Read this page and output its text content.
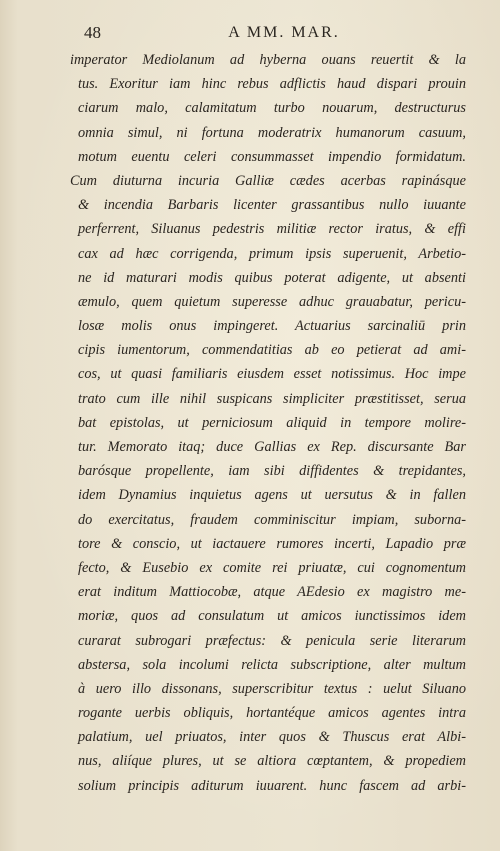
48	A MM. MAR.
imperator Mediolanum ad hyberna ouans reuertit & la
tus. Exoritur iam hinc rebus adflictis haud dispari prouin
ciarum malo, calamitatum turbo nouarum, destructurus
omnia simul, ni fortuna moderatrix humanorum casuum,
motum euentu celeri consummasset impendio formidatum.
Cum diuturna incuria Galliæ cædes acerbas rapinásque
& incendia Barbaris licenter grassantibus nullo iuuante
perferrent, Siluanus pedestris militiæ rector iratus, & effi
cax ad hæc corrigenda, primum ipsis superuenit, Arbetio-
ne id maturari modis quibus poterat adigente, ut absenti
æmulo, quem quietum superesse adhuc grauabatur, pericu-
losæ molis onus impingeret. Actuarius sarcinaliū prin
cipis iumentorum, commendatitias ab eo petierat ad ami-
cos, ut quasi familiaris eiusdem esset notissimus. Hoc impe
trato cum ille nihil suspicans simpliciter præstitisset, serua
bat epistolas, ut perniciosum aliquid in tempore molire-
tur. Memorato itaq; duce Gallias ex Rep. discursante Bar
barósque propellente, iam sibi diffidentes & trepidantes,
idem Dynamius inquietus agens ut uersutus & in fallen
do exercitatus, fraudem comminiscitur impiam, suborna-
tore & conscio, ut iactauere rumores incerti, Lapadio præ
fecto, & Eusebio ex comite rei priuatæ, cui cognomentum
erat inditum Mattiocobæ, atque AEdesio ex magistro me-
moriæ, quos ad consulatum ut amicos iunctissimos idem
curarat subrogari præfectus: & penicula serie literarum
abstersa, sola incolumi relicta subscriptione, alter multum
à uero illo dissonans, superscribitur textus : uelut Siluano
rogante uerbis obliquis, hortantéque amicos agentes intra
palatium, uel priuatos, inter quos & Thuscus erat Albi-
nus, aliíque plures, ut se altiora cœptantem, & propediem
solium principis aditurum iuuarent. hunc fascem ad arbi-
